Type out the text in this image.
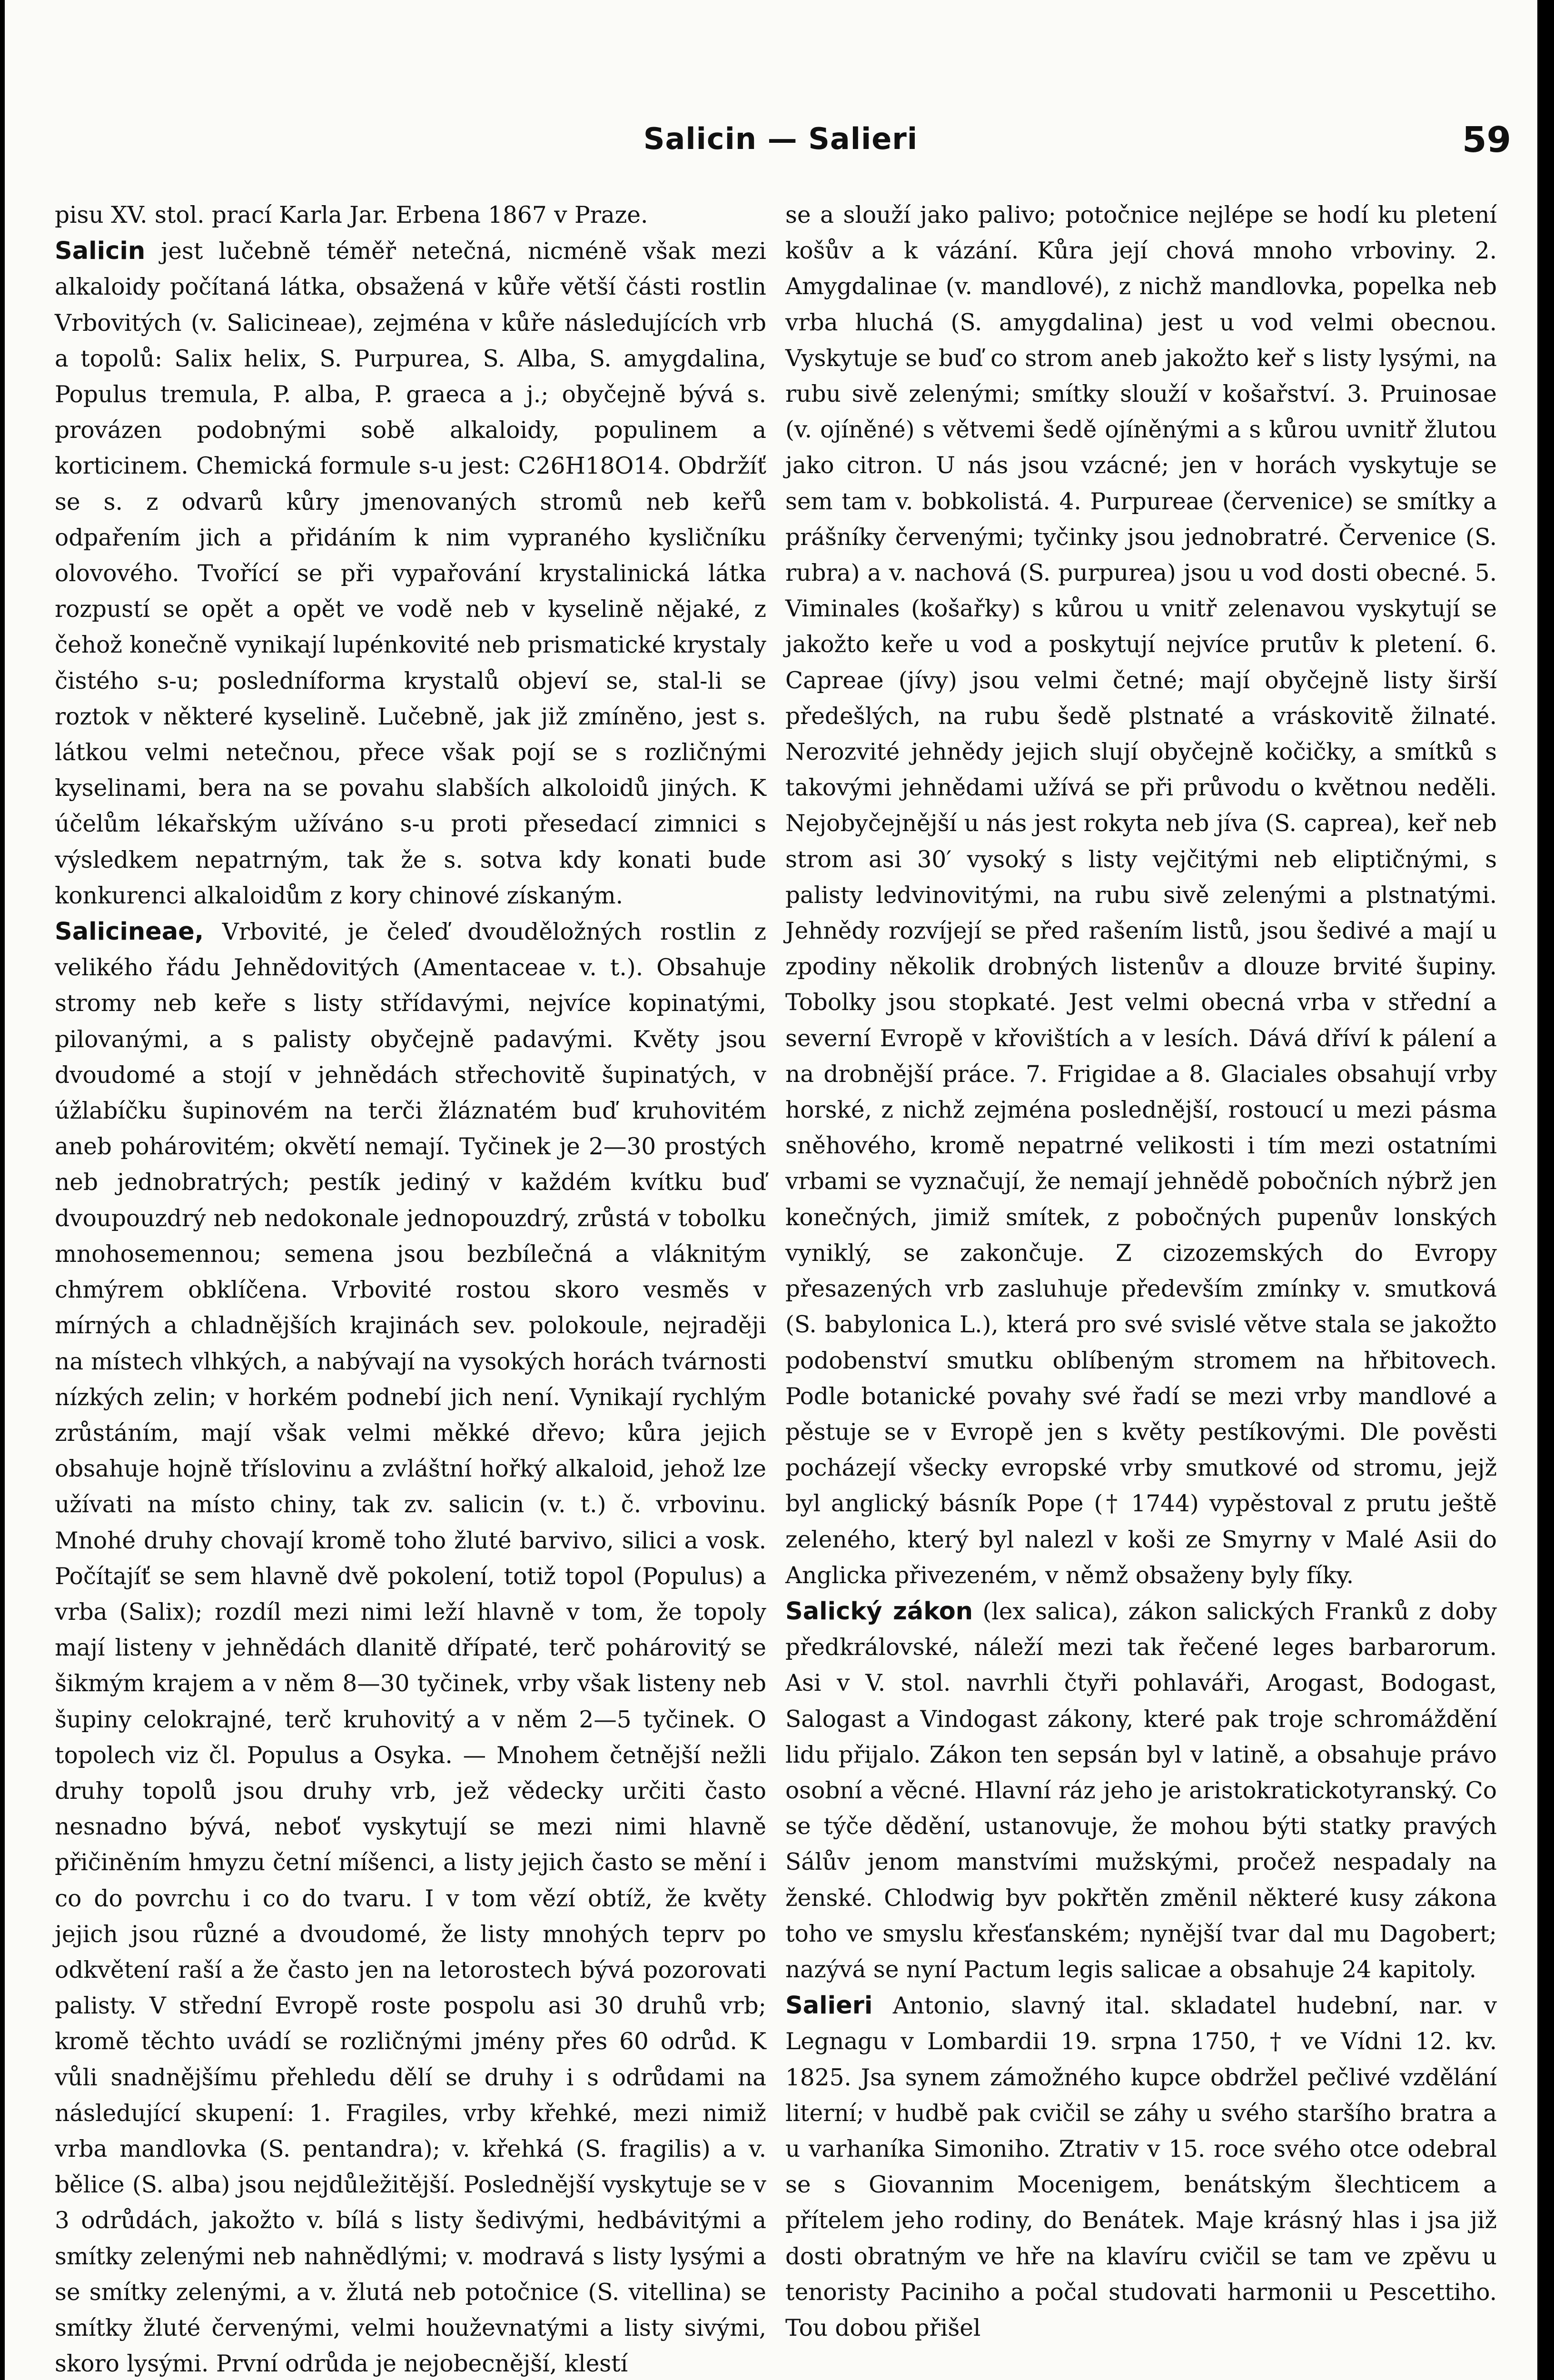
Salicin — Salieri	59

pisu XV. stol. prací Karla Jar. Erbena 1867 v Praze.

Salicin jest lučebně téměř netečná, nicméně však mezi alkaloidy počítaná látka, obsažená v kůře větší části rostlin Vrbovitých (v. Salicineae), zejména v kůře následujících vrb a topolů: Salix helix, S. Purpurea, S. Alba, S. amygdalina, Populus tremula, P. alba, P. graeca a j.; obyčejně bývá s. provázen podobnými sobě alkaloidy, populinem a korticinem. Chemická formule s-u jest: C26H18O14. Obdržíť se s. z odvarů kůry jmenovaných stromů neb keřů odpařením jich a přidáním k nim vypraného kysličníku olovového. Tvořící se při vypařování krystalinická látka rozpustí se opět a opět ve vodě neb v kyselině nějaké, z čehož konečně vynikají lupénkovité neb prismatické krystaly čistého s-u; posledníforma krystalů objeví se, stal-li se roztok v některé kyselině. Lučebně, jak již zmíněno, jest s. látkou velmi netečnou, přece však pojí se s rozličnými kyselinami, bera na se povahu slabších alkoloidů jiných. K účelům lékařským užíváno s-u proti přesedací zimnici s výsledkem nepatrným, tak že s. sotva kdy konati bude konkurenci alkaloidům z kory chinové získaným.

Salicineae, Vrbovité, je čeleď dvouděložných rostlin z velikého řádu Jehnědovitých (Amentaceae v. t.). Obsahuje stromy neb keře s listy střídavými, nejvíce kopinatými, pilovanými, a s palisty obyčejně padavými. Květy jsou dvoudomé a stojí v jehnědách střechovitě šupinatých, v úžlabíčku šupinovém na terči žláznatém buď kruhovitém aneb pohárovitém; okvětí nemají. Tyčinek je 2—30 prostých neb jednobratrých; pestík jediný v každém kvítku buď dvoupouzdrý neb nedokonale jednopouzdrý, zrůstá v tobolku mnohosemennou; semena jsou bezbílečná a vláknitým chmýrem obklíčena. Vrbovité rostou skoro vesměs v mírných a chladnějších krajinách sev. polokoule, nejraději na místech vlhkých, a nabývají na vysokých horách tvárnosti nízkých zelin; v horkém podnebí jich není. Vynikají rychlým zrůstáním, mají však velmi měkké dřevo; kůra jejich obsahuje hojně tříslovinu a zvláštní hořký alkaloid, jehož lze užívati na místo chiny, tak zv. salicin (v. t.) č. vrbovinu. Mnohé druhy chovají kromě toho žluté barvivo, silici a vosk. Počítajíť se sem hlavně dvě pokolení, totiž topol (Populus) a vrba (Salix); rozdíl mezi nimi leží hlavně v tom, že topoly mají listeny v jehnědách dlanitě dřípaté, terč pohárovitý se šikmým krajem a v něm 8—30 tyčinek, vrby však listeny neb šupiny celokrajné, terč kruhovitý a v něm 2—5 tyčinek. O topolech viz čl. Populus a Osyka. — Mnohem četnější nežli druhy topolů jsou druhy vrb, jež vědecky určiti často nesnadno bývá, neboť vyskytují se mezi nimi hlavně přičiněním hmyzu četní míšenci, a listy jejich často se mění i co do povrchu i co do tvaru. I v tom vězí obtíž, že květy jejich jsou různé a dvoudomé, že listy mnohých teprv po odkvětení raší a že často jen na letorostech bývá pozorovati palisty. V střední Evropě roste pospolu asi 30 druhů vrb; kromě těchto uvádí se rozličnými jmény přes 60 odrůd. K vůli snadnějšímu přehledu dělí se druhy i s odrůdami na následující skupení: 1. Fragiles, vrby křehké, mezi nimiž vrba mandlovka (S. pentandra); v. křehká (S. fragilis) a v. bělice (S. alba) jsou nejdůležitější. Poslednější vyskytuje se v 3 odrůdách, jakožto v. bílá s listy šedivými, hedbávitými a smítky zelenými neb nahnědlými; v. modravá s listy lysými a se smítky zelenými, a v. žlutá neb potočnice (S. vitellina) se smítky žluté červenými, velmi houževnatými a listy sivými, skoro lysými. První odrůda je nejobecnější, klestí

se a slouží jako palivo; potočnice nejlépe se hodí ku pletení košův a k vázání. Kůra její chová mnoho vrboviny. 2. Amygdalinae (v. mandlové), z nichž mandlovka, popelka neb vrba hluchá (S. amygdalina) jest u vod velmi obecnou. Vyskytuje se buď co strom aneb jakožto keř s listy lysými, na rubu sivě zelenými; smítky slouží v košařství. 3. Pruinosae (v. ojíněné) s větvemi šedě ojíněnými a s kůrou uvnitř žlutou jako citron. U nás jsou vzácné; jen v horách vyskytuje se sem tam v. bobkolistá. 4. Purpureae (červenice) se smítky a prášníky červenými; tyčinky jsou jednobratré. Červenice (S. rubra) a v. nachová (S. purpurea) jsou u vod dosti obecné. 5. Viminales (košařky) s kůrou u vnitř zelenavou vyskytují se jakožto keře u vod a poskytují nejvíce prutův k pletení. 6. Capreae (jívy) jsou velmi četné; mají obyčejně listy širší předešlých, na rubu šedě plstnaté a vráskovitě žilnaté. Nerozvité jehnědy jejich slují obyčejně kočičky, a smítků s takovými jehnědami užívá se při průvodu o květnou neděli. Nejobyčejnější u nás jest rokyta neb jíva (S. caprea), keř neb strom asi 30′ vysoký s listy vejčitými neb eliptičnými, s palisty ledvinovitými, na rubu sivě zelenými a plstnatými. Jehnědy rozvíjejí se před rašením listů, jsou šedivé a mají u zpodiny několik drobných listenův a dlouze brvité šupiny. Tobolky jsou stopkaté. Jest velmi obecná vrba v střední a severní Evropě v křovištích a v lesích. Dává dříví k pálení a na drobnější práce. 7. Frigidae a 8. Glaciales obsahují vrby horské, z nichž zejména poslednější, rostoucí u mezi pásma sněhového, kromě nepatrné velikosti i tím mezi ostatními vrbami se vyznačují, že nemají jehnědě pobočních nýbrž jen konečných, jimiž smítek, z pobočných pupenův lonských vyniklý, se zakončuje. Z cizozemských do Evropy přesazených vrb zasluhuje především zmínky v. smutková (S. babylonica L.), která pro své svislé větve stala se jakožto podobenství smutku oblíbeným stromem na hřbitovech. Podle botanické povahy své řadí se mezi vrby mandlové a pěstuje se v Evropě jen s květy pestíkovými. Dle pověsti pocházejí všecky evropské vrby smutkové od stromu, jejž byl anglický básník Pope († 1744) vypěstoval z prutu ještě zeleného, který byl nalezl v koši ze Smyrny v Malé Asii do Anglicka přivezeném, v němž obsaženy byly fíky.

Salický zákon (lex salica), zákon salických Franků z doby předkrálovské, náleží mezi tak řečené leges barbarorum. Asi v V. stol. navrhli čtyři pohlaváři, Arogast, Bodogast, Salogast a Vindogast zákony, které pak troje schromáždění lidu přijalo. Zákon ten sepsán byl v latině, a obsahuje právo osobní a věcné. Hlavní ráz jeho je aristokratickotyranský. Co se týče dědění, ustanovuje, že mohou býti statky pravých Sálův jenom manstvími mužskými, pročež nespadaly na ženské. Chlodwig byv pokřtěn změnil některé kusy zákona toho ve smyslu křesťanském; nynější tvar dal mu Dagobert; nazývá se nyní Pactum legis salicae a obsahuje 24 kapitoly.

Salieri Antonio, slavný ital. skladatel hudební, nar. v Legnagu v Lombardii 19. srpna 1750, † ve Vídni 12. kv. 1825. Jsa synem zámožného kupce obdržel pečlivé vzdělání literní; v hudbě pak cvičil se záhy u svého staršího bratra a u varhaníka Simoniho. Ztrativ v 15. roce svého otce odebral se s Giovannim Mocenigem, benátským šlechticem a přítelem jeho rodiny, do Benátek. Maje krásný hlas i jsa již dosti obratným ve hře na klavíru cvičil se tam ve zpěvu u tenoristy Paciniho a počal studovati harmonii u Pescettiho. Tou dobou přišel
